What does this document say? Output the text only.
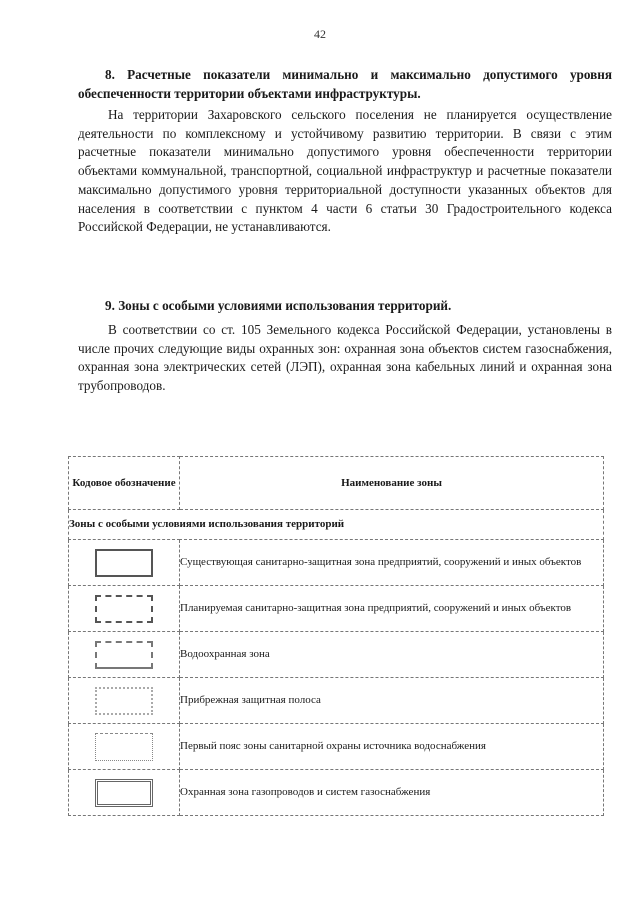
42
8. Расчетные показатели минимально и максимально допустимого уровня обеспеченности территории объектами инфраструктуры.

На территории Захаровского сельского поселения не планируется осуществление деятельности по комплексному и устойчивому развитию территории. В связи с этим расчетные показатели минимально допустимого уровня обеспеченности территории объектами коммунальной, транспортной, социальной инфраструктур и расчетные показатели максимально допустимого уровня территориальной доступности указанных объектов для населения в соответствии с пунктом 4 части 6 статьи 30 Градостроительного кодекса Российской Федерации, не устанавливаются.

9. Зоны с особыми условиями использования территорий.

В соответствии со ст. 105 Земельного кодекса Российской Федерации, установлены в числе прочих следующие виды охранных зон: охранная зона объектов систем газоснабжения, охранная зона электрических сетей (ЛЭП), охранная зона кабельных линий и охранная зона трубопроводов.

Кодовое обозначение	Наименование зоны
Зоны с особыми условиями использования территорий	
	Существующая санитарно-защитная зона предприятий, сооружений и иных объектов
	Планируемая санитарно-защитная зона предприятий, сооружений и иных объектов
	Водоохранная зона
	Прибрежная защитная полоса
	Первый пояс зоны санитарной охраны источника водоснабжения
	Охранная зона газопроводов и систем газоснабжения
